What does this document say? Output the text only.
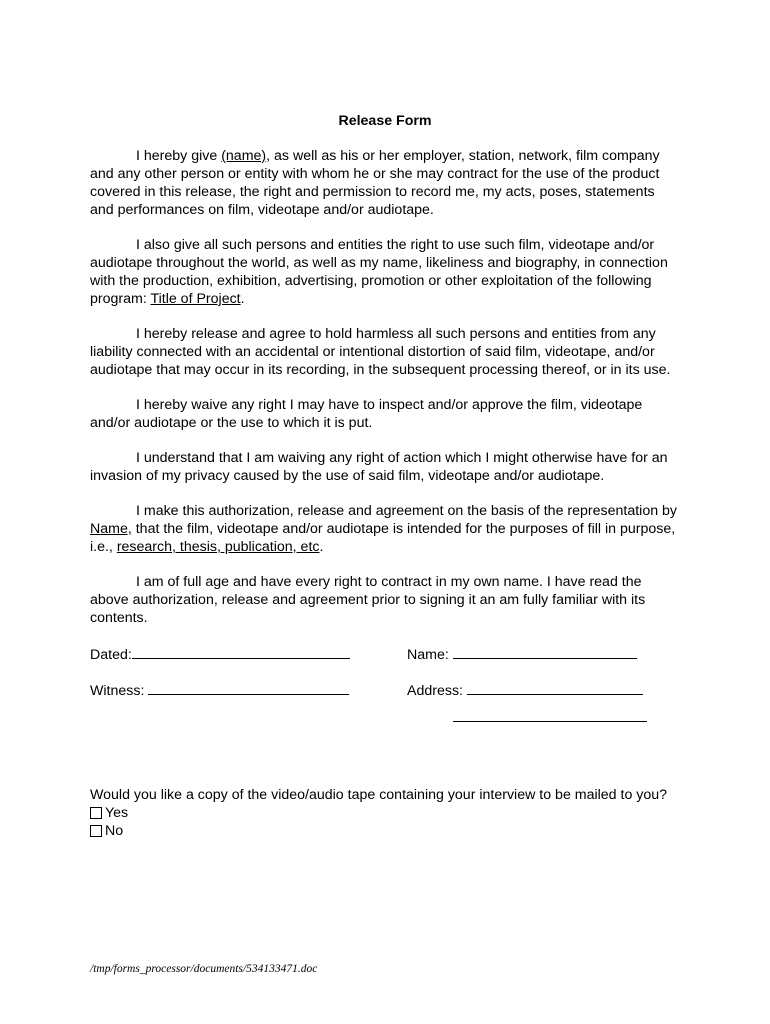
Release Form

I hereby give (name), as well as his or her employer, station, network, film company and any other person or entity with whom he or she may contract for the use of the product covered in this release, the right and permission to record me, my acts, poses, statements and performances on film, videotape and/or audiotape.

I also give all such persons and entities the right to use such film, videotape and/or audiotape throughout the world, as well as my name, likeliness and biography, in connection with the production, exhibition, advertising, promotion or other exploitation of the following program: Title of Project.

I hereby release and agree to hold harmless all such persons and entities from any liability connected with an accidental or intentional distortion of said film, videotape, and/or audiotape that may occur in its recording, in the subsequent processing thereof, or in its use.

I hereby waive any right I may have to inspect and/or approve the film, videotape and/or audiotape or the use to which it is put.

I understand that I am waiving any right of action which I might otherwise have for an invasion of my privacy caused by the use of said film, videotape and/or audiotape.

I make this authorization, release and agreement on the basis of the representation by Name, that the film, videotape and/or audiotape is intended for the purposes of fill in purpose, i.e., research, thesis, publication, etc.

I am of full age and have every right to contract in my own name. I have read the above authorization, release and agreement prior to signing it an am fully familiar with its contents.

Dated:	Name:
Witness:	Address:
Would you like a copy of the video/audio tape containing your interview to be mailed to you?
Yes
No
/tmp/forms_processor/documents/534133471.doc
